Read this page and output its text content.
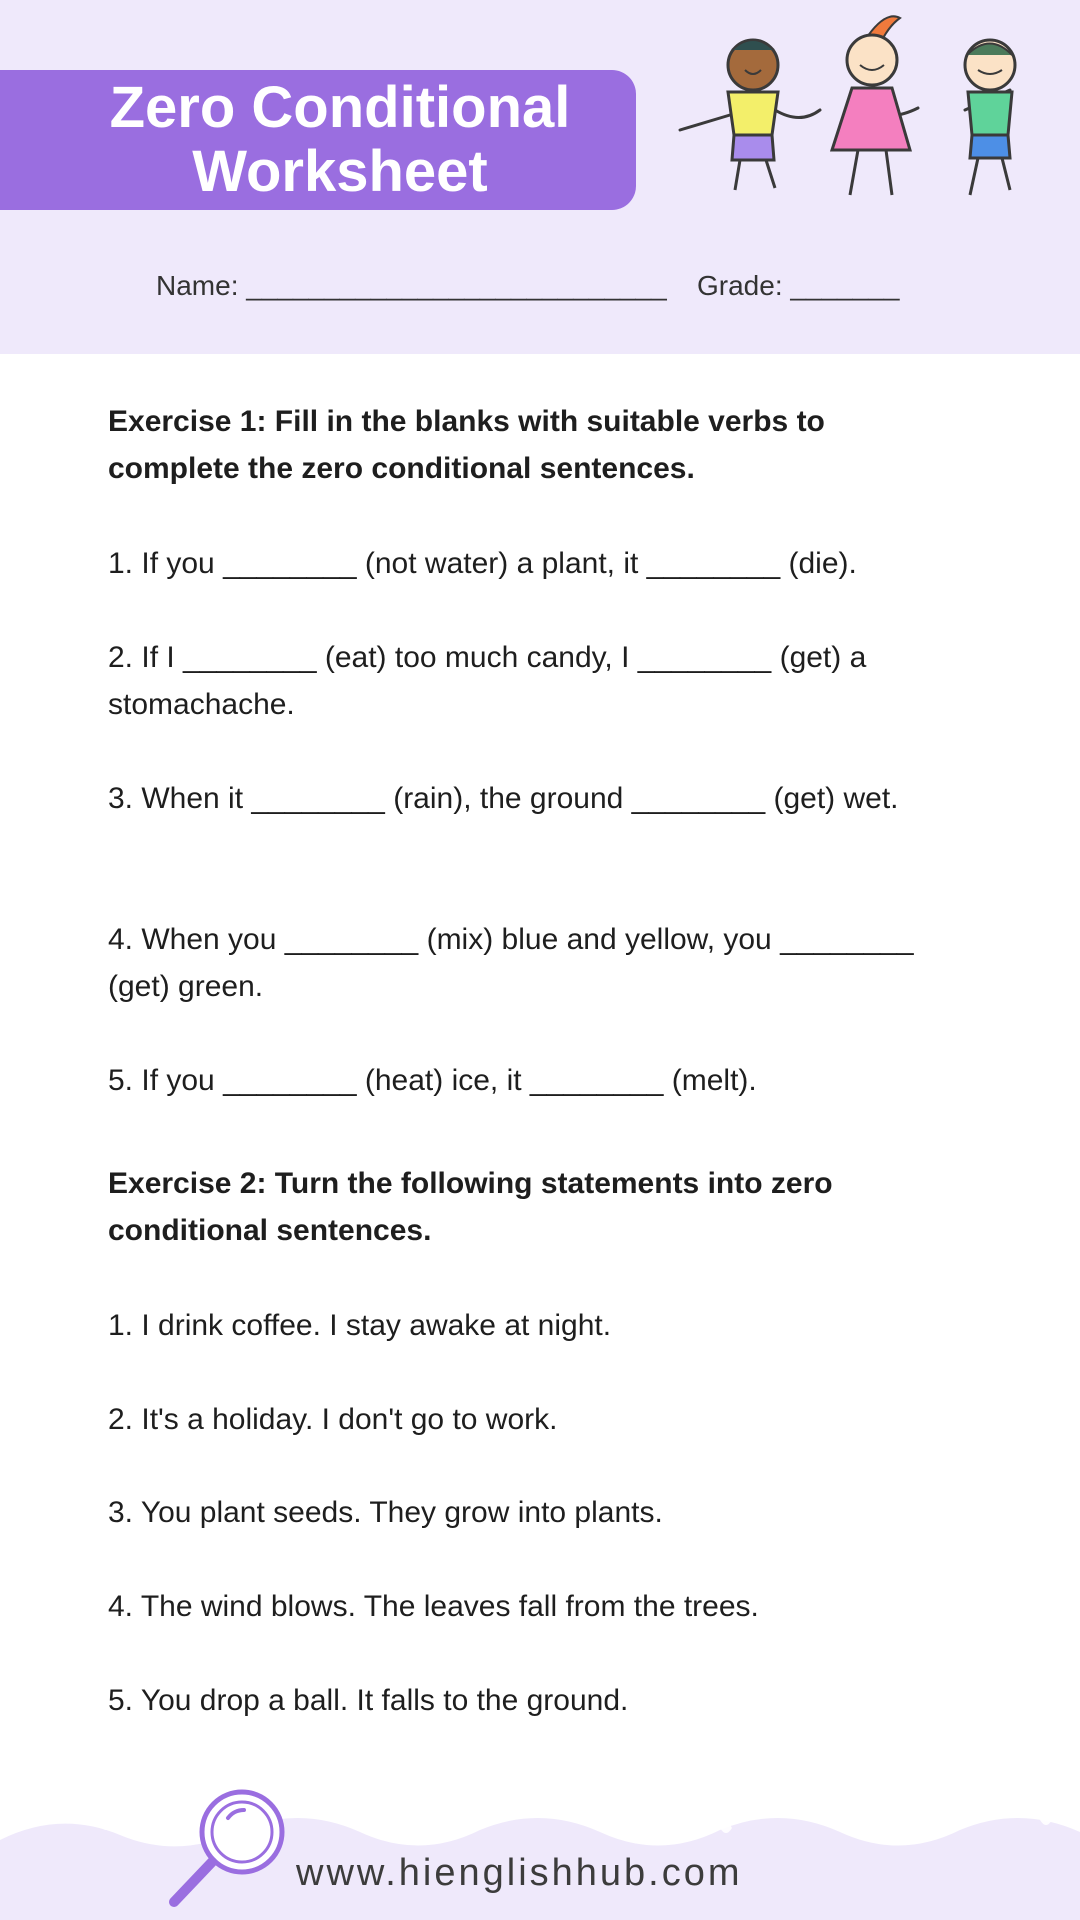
Zero Conditional
Worksheet
Name: ___________________________ Grade: _______
Exercise 1: Fill in the blanks with suitable verbs to complete the zero conditional sentences.
1. If you ________ (not water) a plant, it ________ (die).
2. If I ________ (eat) too much candy, I ________ (get) a stomachache.
3. When it ________ (rain), the ground ________ (get) wet.
4. When you ________ (mix) blue and yellow, you ________ (get) green.
5. If you ________ (heat) ice, it ________ (melt).
Exercise 2: Turn the following statements into zero conditional sentences.
1. I drink coffee. I stay awake at night.
2. It's a holiday. I don't go to work.
3. You plant seeds. They grow into plants.
4. The wind blows. The leaves fall from the trees.
5. You drop a ball. It falls to the ground.
www.hienglishhub.com
